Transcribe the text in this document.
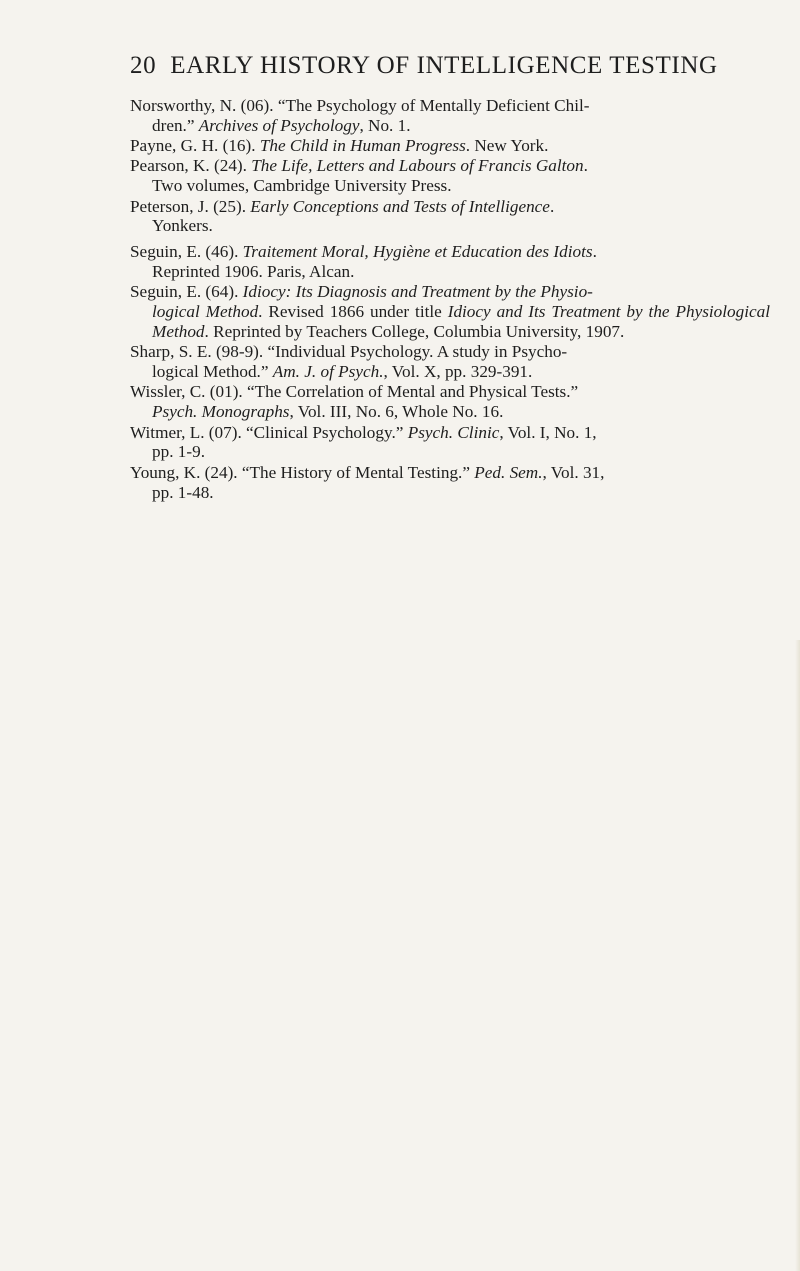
20 EARLY HISTORY OF INTELLIGENCE TESTING
Norsworthy, N. (06). “The Psychology of Mentally Deficient Chil-
dren.” Archives of Psychology, No. 1.
Payne, G. H. (16). The Child in Human Progress. New York.
Pearson, K. (24). The Life, Letters and Labours of Francis Galton.
Two volumes, Cambridge University Press.
Peterson, J. (25). Early Conceptions and Tests of Intelligence.
Yonkers.
Seguin, E. (46). Traitement Moral, Hygiène et Education des Idiots.
Reprinted 1906. Paris, Alcan.
Seguin, E. (64). Idiocy: Its Diagnosis and Treatment by the Physio-
logical Method. Revised 1866 under title Idiocy and Its Treatment by the Physiological Method. Reprinted by Teachers College, Columbia University, 1907.
Sharp, S. E. (98-9). “Individual Psychology. A study in Psycho-
logical Method.” Am. J. of Psych., Vol. X, pp. 329-391.
Wissler, C. (01). “The Correlation of Mental and Physical Tests.”
Psych. Monographs, Vol. III, No. 6, Whole No. 16.
Witmer, L. (07). “Clinical Psychology.” Psych. Clinic, Vol. I, No. 1,
pp. 1-9.
Young, K. (24). “The History of Mental Testing.” Ped. Sem., Vol. 31,
pp. 1-48.
